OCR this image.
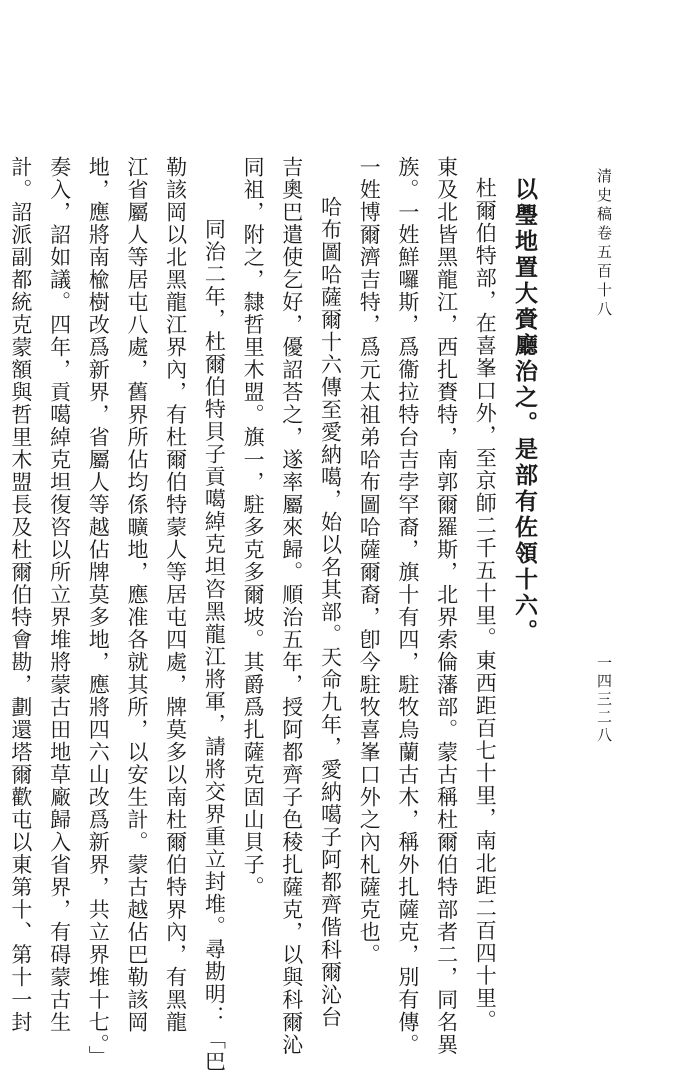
清史稿卷五百十八
以璺地置大賫廳治之。是部有佐領十六。
杜爾伯特部，在喜峯口外，至京師二千五十里。東西距百七十里，南北距二百四十里。
東及北皆黑龍江，西扎賚特，南郭爾羅斯，北界索倫藩部。蒙古稱杜爾伯特部者二，同名異
族。一姓鮮囉斯，爲衞拉特台吉孛罕裔，旗十有四，駐牧烏蘭古木，稱外扎薩克，別有傳。
一姓博爾濟吉特，爲元太祖弟哈布圖哈薩爾裔，卽今駐牧喜峯口外之內札薩克也。
哈布圖哈薩爾十六傳至愛納噶，始以名其部。天命九年，愛納噶子阿都齊偕科爾沁台
吉奧巴遣使乞好，優詔荅之，遂率屬來歸。順治五年，授阿都齊子色稜扎薩克，以與科爾沁
同祖，附之，隸哲里木盟。旗一，駐多克多爾坡。其爵爲扎薩克固山貝子。
同治二年，杜爾伯特貝子貢噶綽克坦咨黑龍江將軍，請將交界重立封堆。尋勘明：「巴
勒該岡以北黑龍江界內，有杜爾伯特蒙人等居屯四處，牌莫多以南杜爾伯特界內，有黑龍
江省屬人等居屯八處，舊界所佔均係曠地，應准各就其所，以安生計。蒙古越佔巴勒該岡
地，應將南楡樹改爲新界，省屬人等越佔牌莫多地，應將四六山改爲新界，共立界堆十七。」
奏入，詔如議。四年，貢噶綽克坦復咨以所立界堆將蒙古田地草廠歸入省界，有碍蒙古生
計。詔派副都統克蒙額與哲里木盟長及杜爾伯特會勘，劃還塔爾歡屯以東第十、第十一封	一四三二八
